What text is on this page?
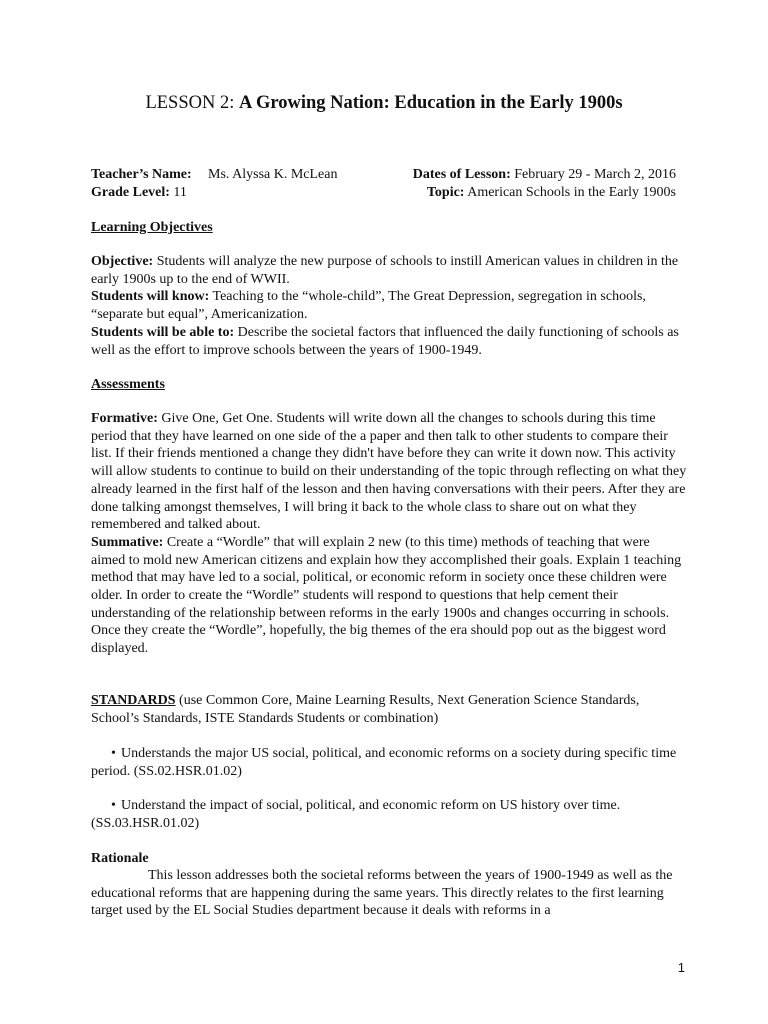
LESSON 2: A Growing Nation: Education in the Early 1900s
Teacher’s Name: Ms. Alyssa K. McLean	Dates of Lesson: February 29 - March 2, 2016
Grade Level: 11	Topic: American Schools in the Early 1900s
Learning Objectives
Objective: Students will analyze the new purpose of schools to instill American values in children in the early 1900s up to the end of WWII.
Students will know: Teaching to the “whole-child”, The Great Depression, segregation in schools, “separate but equal”, Americanization.
Students will be able to: Describe the societal factors that influenced the daily functioning of schools as well as the effort to improve schools between the years of 1900-1949.
Assessments
Formative: Give One, Get One. Students will write down all the changes to schools during this time period that they have learned on one side of the a paper and then talk to other students to compare their list. If their friends mentioned a change they didn't have before they can write it down now. This activity will allow students to continue to build on their understanding of the topic through reflecting on what they already learned in the first half of the lesson and then having conversations with their peers. After they are done talking amongst themselves, I will bring it back to the whole class to share out on what they remembered and talked about.
Summative: Create a “Wordle” that will explain 2 new (to this time) methods of teaching that were aimed to mold new American citizens and explain how they accomplished their goals. Explain 1 teaching method that may have led to a social, political, or economic reform in society once these children were older. In order to create the “Wordle” students will respond to questions that help cement their understanding of the relationship between reforms in the early 1900s and changes occurring in schools. Once they create the “Wordle”, hopefully, the big themes of the era should pop out as the biggest word displayed.
STANDARDS (use Common Core, Maine Learning Results, Next Generation Science Standards, School’s Standards, ISTE Standards Students or combination)
• Understands the major US social, political, and economic reforms on a society during specific time period. (SS.02.HSR.01.02)
• Understand the impact of social, political, and economic reform on US history over time. (SS.03.HSR.01.02)
Rationale
This lesson addresses both the societal reforms between the years of 1900-1949 as well as the educational reforms that are happening during the same years. This directly relates to the first learning target used by the EL Social Studies department because it deals with reforms in a
1
